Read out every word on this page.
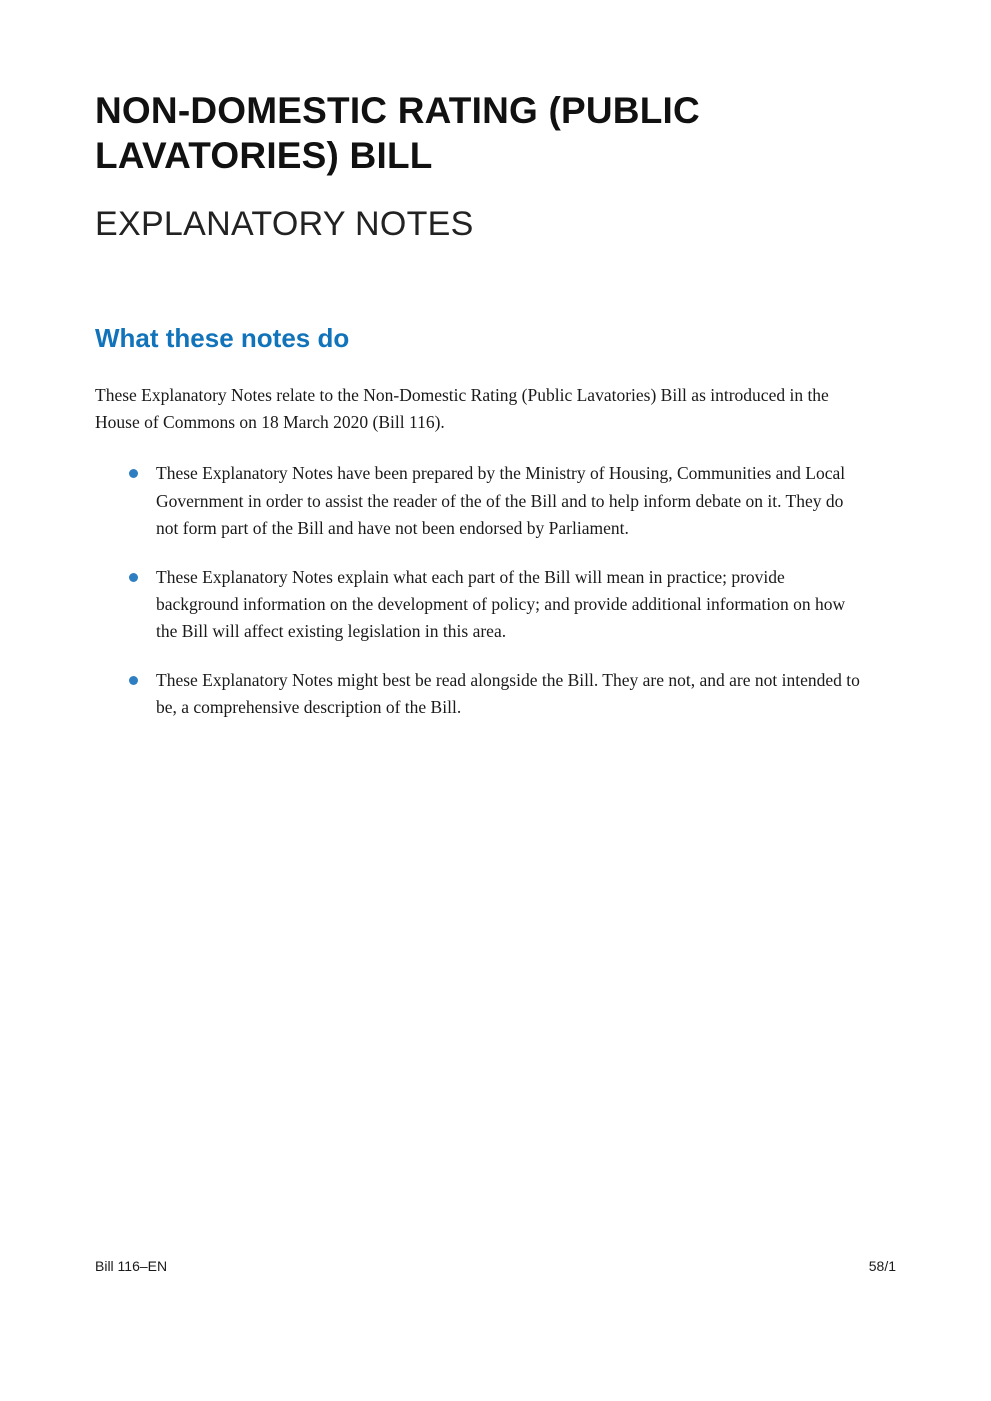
NON-DOMESTIC RATING (PUBLIC LAVATORIES) BILL
EXPLANATORY NOTES
What these notes do

These Explanatory Notes relate to the Non-Domestic Rating (Public Lavatories) Bill as introduced in the House of Commons on 18 March 2020 (Bill 116).

These Explanatory Notes have been prepared by the Ministry of Housing, Communities and Local Government in order to assist the reader of the of the Bill and to help inform debate on it. They do not form part of the Bill and have not been endorsed by Parliament.
These Explanatory Notes explain what each part of the Bill will mean in practice; provide background information on the development of policy; and provide additional information on how the Bill will affect existing legislation in this area.
These Explanatory Notes might best be read alongside the Bill. They are not, and are not intended to be, a comprehensive description of the Bill.
Bill 116–EN	58/1
